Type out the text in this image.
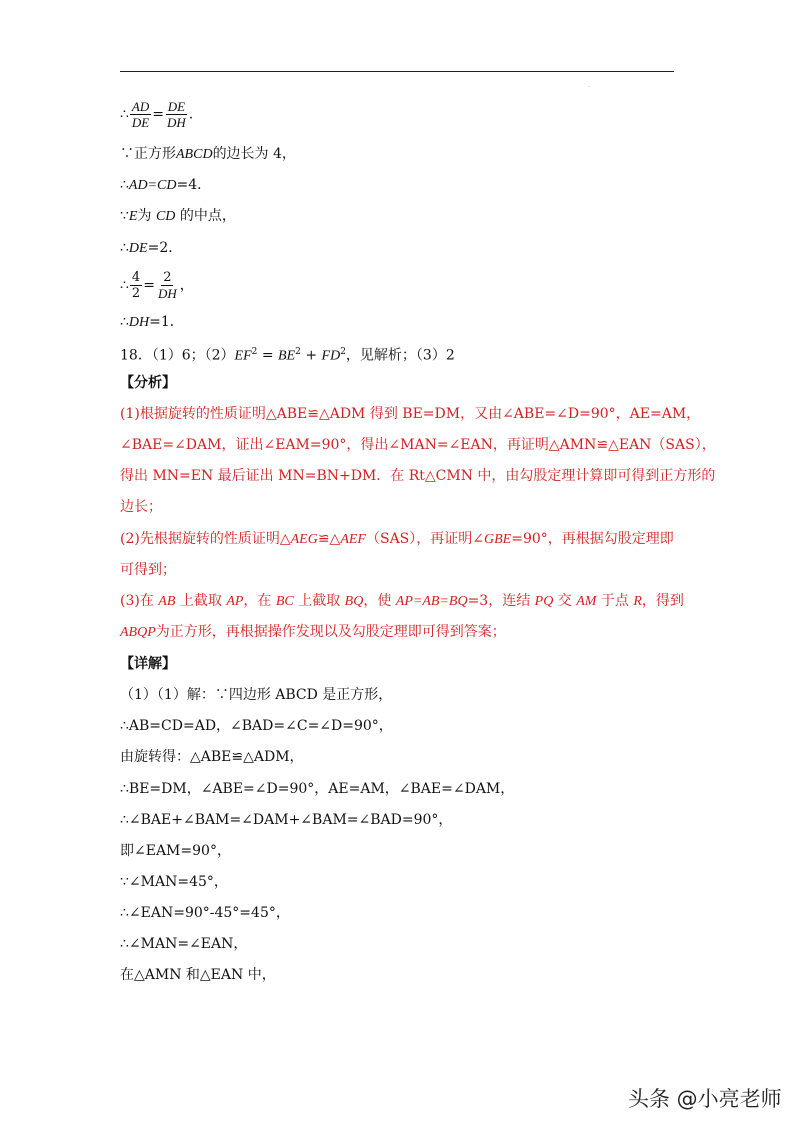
·
∴ $\frac{AD}{DE} = \frac{DE}{DH}$ .
∵正方形ABCD的边长为 4，
∴AD=CD=4．
∵E为 CD 的中点，
∴DE=2．
∴ $\frac{4}{2} = \frac{2}{DH}$ ，
∴DH=1．
18．（1）6；$(2)EF^2 = BE^2 + FD^2$，见解析；（3）2
【分析】
(1)根据旋转的性质证明△ABE≌△ADM 得到 BE=DM，又由∠ABE=∠D=90°，AE=AM，
∠BAE=∠DAM，证出∠EAM=90°，得出∠MAN=∠EAN，再证明△AMN≌△EAN（SAS），
得出 MN=EN 最后证出 MN=BN+DM．在 Rt△CMN 中，由勾股定理计算即可得到正方形的
边长；
(2)先根据旋转的性质证明△AEG≌△AEF（SAS），再证明∠GBE=90°，再根据勾股定理即
可得到；
(3)在 AB 上截取 AP，在 BC 上截取 BQ，使 AP=AB=BQ=3，连结 PQ 交 AM 于点 R，得到
ABQP为正方形，再根据操作发现以及勾股定理即可得到答案；
【详解】
（1）（1）解：∵四边形 ABCD 是正方形，
∴AB=CD=AD，∠BAD=∠C=∠D=90°，
由旋转得：△ABE≌△ADM，
∴BE=DM，∠ABE=∠D=90°，AE=AM，∠BAE=∠DAM，
∴∠BAE+∠BAM=∠DAM+∠BAM=∠BAD=90°，
即∠EAM=90°，
∵∠MAN=45°，
∴∠EAN=90°-45°=45°，
∴∠MAN=∠EAN，
在△AMN 和△EAN 中，
头条 @小亮老师
